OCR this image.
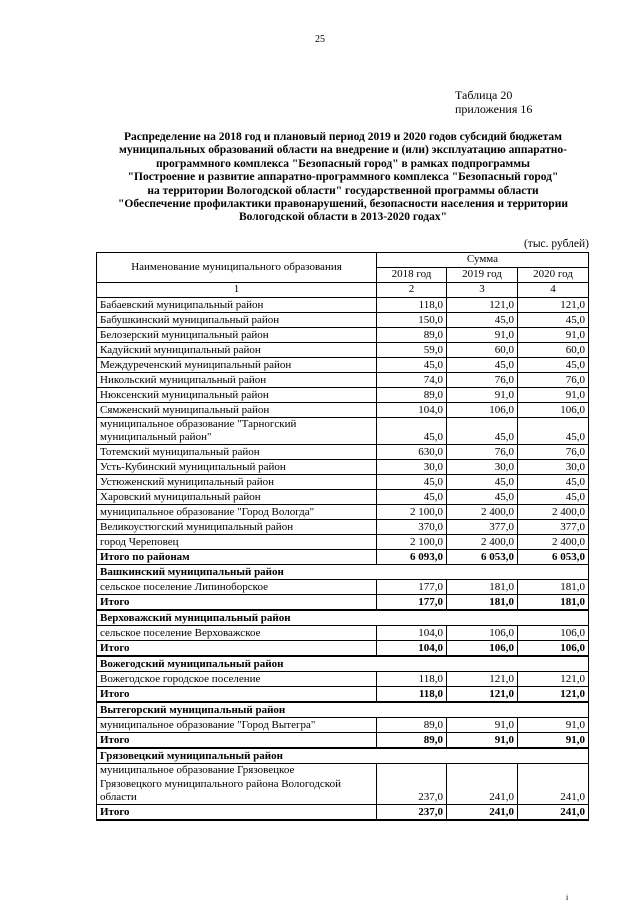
25
Таблица 20
приложения 16
Распределение на 2018 год и плановый период 2019 и 2020 годов субсидий бюджетам
муниципальных образований области на внедрение и (или) эксплуатацию аппаратно-
программного комплекса "Безопасный город" в рамках подпрограммы
"Построение и развитие аппаратно-программного комплекса "Безопасный город"
на территории Вологодской области" государственной программы области
"Обеспечение профилактики правонарушений, безопасности населения и территории
Вологодской области в 2013-2020 годах"
(тыс. рублей)
Наименование муниципального образования	Сумма		
	2018 год	2019 год	2020 год
1	2	3	4
Бабаевский муниципальный район	118,0	121,0	121,0
Бабушкинский муниципальный район	150,0	45,0	45,0
Белозерский муниципальный район	89,0	91,0	91,0
Кадуйский муниципальный район	59,0	60,0	60,0
Междуреченский муниципальный район	45,0	45,0	45,0
Никольский муниципальный район	74,0	76,0	76,0
Нюксенский муниципальный район	89,0	91,0	91,0
Сямженский муниципальный район	104,0	106,0	106,0

муниципальное образование "Тарногский
муниципальный район"	45,0	45,0	45,0
Тотемский муниципальный район	630,0	76,0	76,0
Усть-Кубинский муниципальный район	30,0	30,0	30,0
Устюженский муниципальный район	45,0	45,0	45,0
Харовский муниципальный район	45,0	45,0	45,0
муниципальное образование "Город Вологда"	2 100,0	2 400,0	2 400,0
Великоустюгский муниципальный район	370,0	377,0	377,0
город Череповец	2 100,0	2 400,0	2 400,0
Итого по районам	6 093,0	6 053,0	6 053,0
Вашкинский муниципальный район			
сельское поселение Липиноборское	177,0	181,0	181,0
Итого	177,0	181,0	181,0
Верховажский муниципальный район			
сельское поселение Верховажское	104,0	106,0	106,0
Итого	104,0	106,0	106,0
Вожегодский муниципальный район			
Вожегодское городское поселение	118,0	121,0	121,0
Итого	118,0	121,0	121,0
Вытегорский муниципальный район			
муниципальное образование "Город Вытегра"	89,0	91,0	91,0
Итого	89,0	91,0	91,0
Грязовецкий муниципальный район			

муниципальное образование Грязовецкое
Грязовецкого муниципального района Вологодской
области	237,0	241,0	241,0
Итого	237,0	241,0	241,0
i
